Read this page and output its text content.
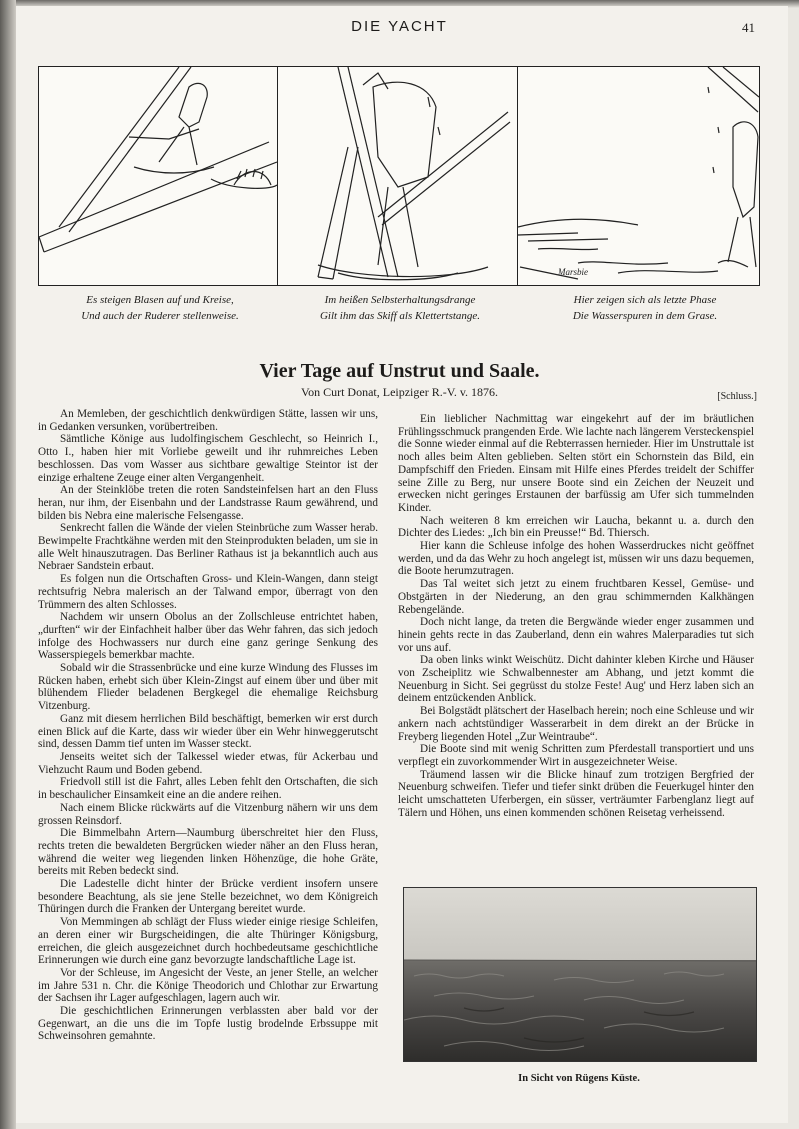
DIE YACHT	41
Marsbie
Es steigen Blasen auf und Kreise,
Und auch der Ruderer stellenweise.
Im heißen Selbsterhaltungsdrange
Gilt ihm das Skiff als Klettertstange.
Hier zeigen sich als letzte Phase
Die Wasserspuren in dem Grase.
Vier Tage auf Unstrut und Saale.
Von Curt Donat, Leipziger R.-V. v. 1876.	[Schluss.]

An Memleben, der geschichtlich denkwürdigen Stätte, lassen wir uns, in Gedanken versunken, vorübertreiben.

Sämtliche Könige aus ludolfingischem Geschlecht, so Heinrich I., Otto I., haben hier mit Vorliebe geweilt und ihr ruhmreiches Leben beschlossen. Das vom Wasser aus sichtbare gewaltige Steintor ist der einzige erhaltene Zeuge einer alten Vergangenheit.

An der Steinklöbe treten die roten Sandsteinfelsen hart an den Fluss heran, nur ihm, der Eisenbahn und der Landstrasse Raum gewährend, und bilden bis Nebra eine malerische Felsengasse.

Senkrecht fallen die Wände der vielen Steinbrüche zum Wasser herab. Bewimpelte Frachtkähne werden mit den Steinprodukten beladen, um sie in alle Welt hinauszutragen. Das Berliner Rathaus ist ja bekanntlich auch aus Nebraer Sandstein erbaut.

Es folgen nun die Ortschaften Gross- und Klein-Wangen, dann steigt rechtsufrig Nebra malerisch an der Talwand empor, überragt von den Trümmern des alten Schlosses.

Nachdem wir unsern Obolus an der Zollschleuse entrichtet haben, „durften“ wir der Einfachheit halber über das Wehr fahren, das sich jedoch infolge des Hochwassers nur durch eine ganz geringe Senkung des Wasserspiegels bemerkbar machte.

Sobald wir die Strassenbrücke und eine kurze Windung des Flusses im Rücken haben, erhebt sich über Klein-Zingst auf einem über und über mit blühendem Flieder beladenen Bergkegel die ehemalige Reichsburg Vitzenburg.

Ganz mit diesem herrlichen Bild beschäftigt, bemerken wir erst durch einen Blick auf die Karte, dass wir wieder über ein Wehr hinweggerutscht sind, dessen Damm tief unten im Wasser steckt.

Jenseits weitet sich der Talkessel wieder etwas, für Ackerbau und Viehzucht Raum und Boden gebend.

Friedvoll still ist die Fahrt, alles Leben fehlt den Ortschaften, die sich in beschaulicher Einsamkeit eine an die andere reihen.

Nach einem Blicke rückwärts auf die Vitzenburg nähern wir uns dem grossen Reinsdorf.

Die Bimmelbahn Artern—Naumburg überschreitet hier den Fluss, rechts treten die bewaldeten Bergrücken wieder näher an den Fluss heran, während die weiter weg liegenden linken Höhenzüge, die hohe Gräte, bereits mit Reben bedeckt sind.

Die Ladestelle dicht hinter der Brücke verdient insofern unsere besondere Beachtung, als sie jene Stelle bezeichnet, wo dem Königreich Thüringen durch die Franken der Untergang bereitet wurde.

Von Memmingen ab schlägt der Fluss wieder einige riesige Schleifen, an deren einer wir Burgscheidingen, die alte Thüringer Königsburg, erreichen, die gleich ausgezeichnet durch hochbedeutsame geschichtliche Erinnerungen wie durch eine ganz bevorzugte landschaftliche Lage ist.

Vor der Schleuse, im Angesicht der Veste, an jener Stelle, an welcher im Jahre 531 n. Chr. die Könige Theodorich und Chlothar zur Erwartung der Sachsen ihr Lager aufgeschlagen, lagern auch wir.

Die geschichtlichen Erinnerungen verblassten aber bald vor der Gegenwart, an die uns die im Topfe lustig brodelnde Erbssuppe mit Schweinsohren gemahnte.

Ein lieblicher Nachmittag war eingekehrt auf der im bräutlichen Frühlingsschmuck prangenden Erde. Wie lachte nach längerem Versteckenspiel die Sonne wieder einmal auf die Rebterrassen hernieder. Hier im Unstruttale ist noch alles beim Alten geblieben. Selten stört ein Schornstein das Bild, ein Dampfschiff den Frieden. Einsam mit Hilfe eines Pferdes treidelt der Schiffer seine Zille zu Berg, nur unsere Boote sind ein Zeichen der Neuzeit und erwecken nicht geringes Erstaunen der barfüssig am Ufer sich tummelnden Kinder.

Nach weiteren 8 km erreichen wir Laucha, bekannt u. a. durch den Dichter des Liedes: „Ich bin ein Preusse!“ Bd. Thiersch.

Hier kann die Schleuse infolge des hohen Wasserdruckes nicht geöffnet werden, und da das Wehr zu hoch angelegt ist, müssen wir uns dazu bequemen, die Boote herumzutragen.

Das Tal weitet sich jetzt zu einem fruchtbaren Kessel, Gemüse- und Obstgärten in der Niederung, an den grau schimmernden Kalkhängen Rebengelände.

Doch nicht lange, da treten die Bergwände wieder enger zusammen und hinein gehts recte in das Zauberland, denn ein wahres Malerparadies tut sich vor uns auf.

Da oben links winkt Weischütz. Dicht dahinter kleben Kirche und Häuser von Zscheiplitz wie Schwalbennester am Abhang, und jetzt kommt die Neuenburg in Sicht. Sei gegrüsst du stolze Feste! Aug' und Herz laben sich an deinem entzückenden Anblick.

Bei Bolgstädt plätschert der Haselbach herein; noch eine Schleuse und wir ankern nach achtstündiger Wasserarbeit in dem direkt an der Brücke in Freyberg liegenden Hotel „Zur Weintraube“.

Die Boote sind mit wenig Schritten zum Pferdestall transportiert und uns verpflegt ein zuvorkommender Wirt in ausgezeichneter Weise.

Träumend lassen wir die Blicke hinauf zum trotzigen Bergfried der Neuenburg schweifen. Tiefer und tiefer sinkt drüben die Feuerkugel hinter den leicht umschatteten Uferbergen, ein süsser, verträumter Farbenglanz liegt auf Tälern und Höhen, uns einen kommenden schönen Reisetag verheissend.

In Sicht von Rügens Küste.
